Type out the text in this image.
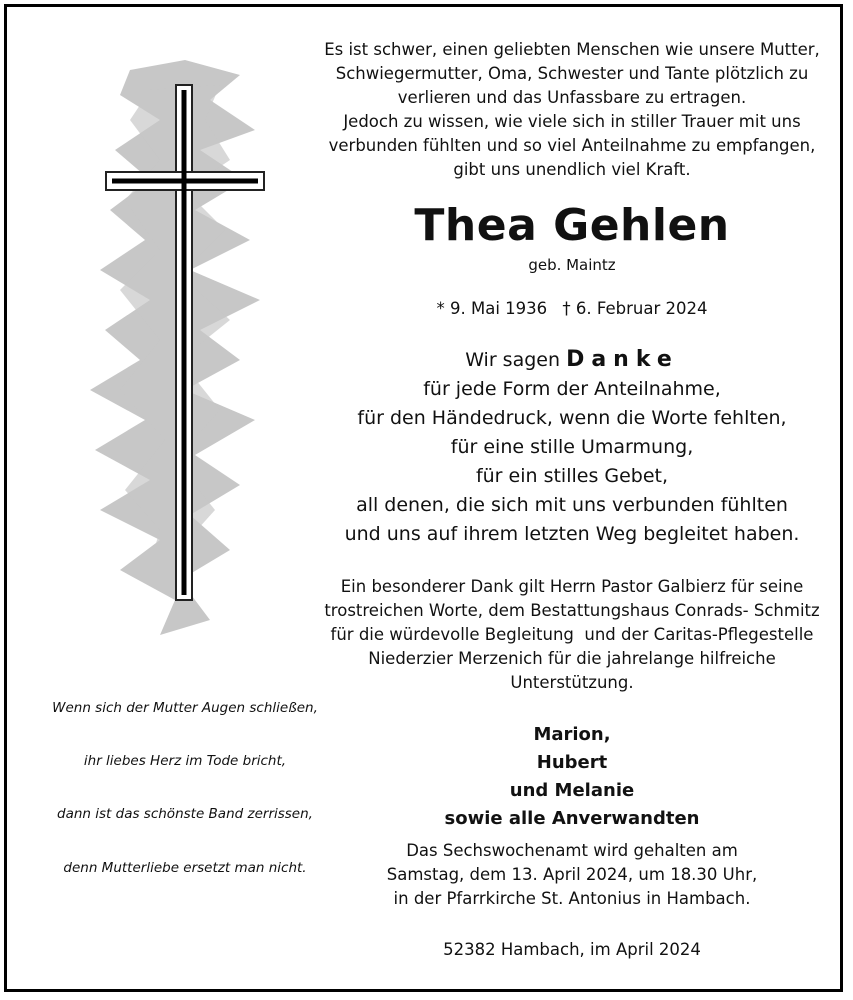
Wenn sich der Mutter Augen schließen,
ihr liebes Herz im Tode bricht,
dann ist das schönste Band zerrissen,
denn Mutterliebe ersetzt man nicht.
Es ist schwer, einen geliebten Menschen wie unsere Mutter,
Schwiegermutter, Oma, Schwester und Tante plötzlich zu
verlieren und das Unfassbare zu ertragen.
Jedoch zu wissen, wie viele sich in stiller Trauer mit uns
verbunden fühlten und so viel Anteilnahme zu empfangen,
gibt uns unendlich viel Kraft.
Thea Gehlen
geb. Maintz
* 9. Mai 1936 † 6. Februar 2024
Wir sagen Danke
für jede Form der Anteilnahme,
für den Händedruck, wenn die Worte fehlten,
für eine stille Umarmung,
für ein stilles Gebet,
all denen, die sich mit uns verbunden fühlten
und uns auf ihrem letzten Weg begleitet haben.
Ein besonderer Dank gilt Herrn Pastor Galbierz für seine
trostreichen Worte, dem Bestattungshaus Conrads- Schmitz
für die würdevolle Begleitung  und der Caritas-Pflegestelle
Niederzier Merzenich für die jahrelange hilfreiche
Unterstützung.
Marion,
Hubert
und Melanie
sowie alle Anverwandten
Das Sechswochenamt wird gehalten am
Samstag, dem 13. April 2024, um 18.30 Uhr,
in der Pfarrkirche St. Antonius in Hambach.
52382 Hambach, im April 2024
